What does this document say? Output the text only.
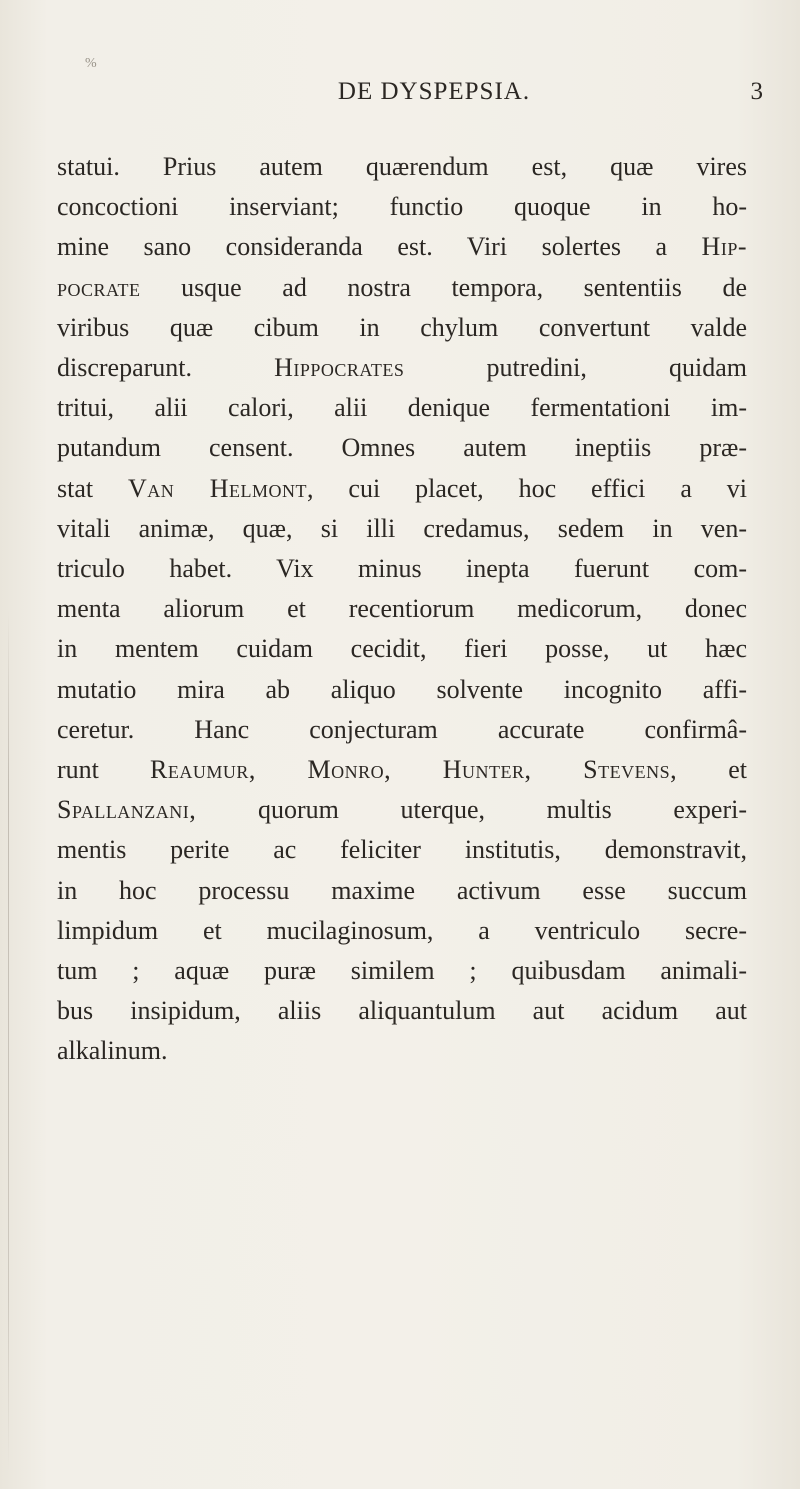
%
DE DYSPEPSIA.	3
statui. Prius autem quærendum est, quæ vires
concoctioni inserviant; functio quoque in ho-
mine sano consideranda est. Viri solertes a Hip-
pocrate usque ad nostra tempora, sententiis de
viribus quæ cibum in chylum convertunt valde
discreparunt. Hippocrates putredini, quidam
tritui, alii calori, alii denique fermentationi im-
putandum censent. Omnes autem ineptiis præ-
stat Van Helmont, cui placet, hoc effici a vi
vitali animæ, quæ, si illi credamus, sedem in ven-
triculo habet. Vix minus inepta fuerunt com-
menta aliorum et recentiorum medicorum, donec
in mentem cuidam cecidit, fieri posse, ut hæc
mutatio mira ab aliquo solvente incognito affi-
ceretur. Hanc conjecturam accurate confirmâ-
runt Reaumur, Monro, Hunter, Stevens, et
Spallanzani, quorum uterque, multis experi-
mentis perite ac feliciter institutis, demonstravit,
in hoc processu maxime activum esse succum
limpidum et mucilaginosum, a ventriculo secre-
tum ; aquæ puræ similem ; quibusdam animali-
bus insipidum, aliis aliquantulum aut acidum aut
alkalinum.
